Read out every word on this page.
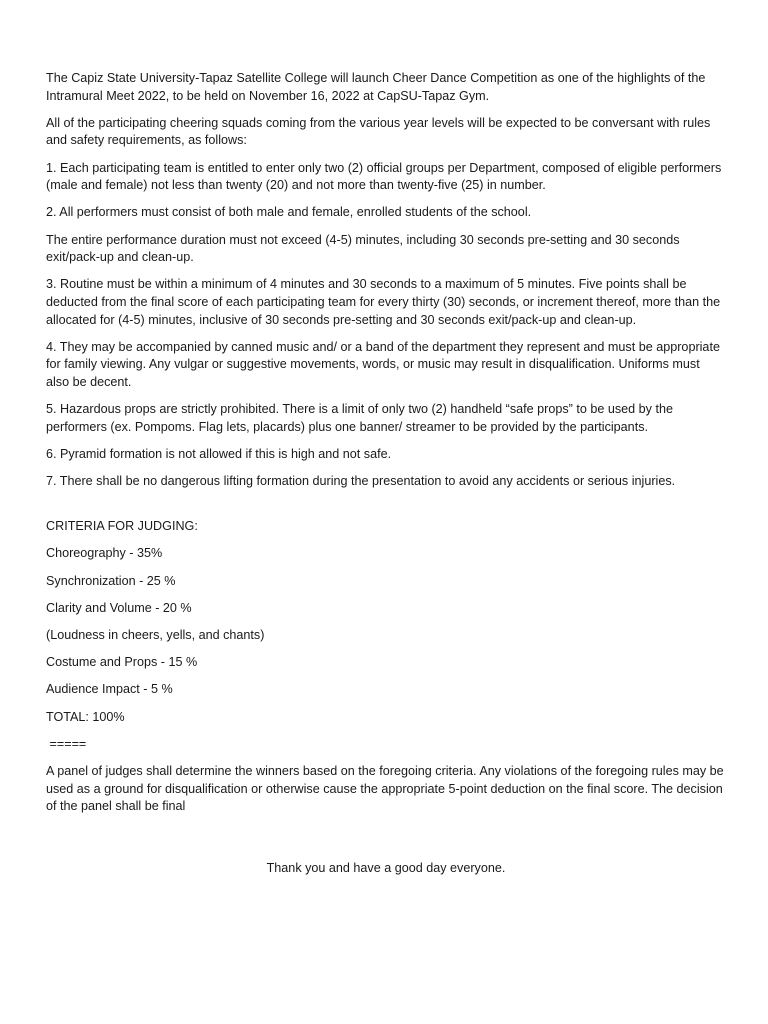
The Capiz State University-Tapaz Satellite College will launch Cheer Dance Competition as one of the highlights of the Intramural Meet 2022, to be held on November 16, 2022 at CapSU-Tapaz Gym.

All of the participating cheering squads coming from the various year levels will be expected to be conversant with rules and safety requirements, as follows:

1. Each participating team is entitled to enter only two (2) official groups per Department, composed of eligible performers (male and female) not less than twenty (20) and not more than twenty-five (25) in number.

2. All performers must consist of both male and female, enrolled students of the school.

The entire performance duration must not exceed (4-5) minutes, including 30 seconds pre-setting and 30 seconds exit/pack-up and clean-up.

3. Routine must be within a minimum of 4 minutes and 30 seconds to a maximum of 5 minutes. Five points shall be deducted from the final score of each participating team for every thirty (30) seconds, or increment thereof, more than the allocated for (4-5) minutes, inclusive of 30 seconds pre-setting and 30 seconds exit/pack-up and clean-up.

4. They may be accompanied by canned music and/ or a band of the department they represent and must be appropriate for family viewing. Any vulgar or suggestive movements, words, or music may result in disqualification. Uniforms must also be decent.

5. Hazardous props are strictly prohibited. There is a limit of only two (2) handheld “safe props” to be used by the performers (ex. Pompoms. Flag lets, placards) plus one banner/ streamer to be provided by the participants.

6. Pyramid formation is not allowed if this is high and not safe.

7. There shall be no dangerous lifting formation during the presentation to avoid any accidents or serious injuries.

CRITERIA FOR JUDGING:

Choreography - 35%

Synchronization - 25 %

Clarity and Volume - 20 %

(Loudness in cheers, yells, and chants)

Costume and Props - 15 %

Audience Impact - 5 %

TOTAL: 100%

=====

A panel of judges shall determine the winners based on the foregoing criteria. Any violations of the foregoing rules may be used as a ground for disqualification or otherwise cause the appropriate 5-point deduction on the final score. The decision of the panel shall be final

Thank you and have a good day everyone.
